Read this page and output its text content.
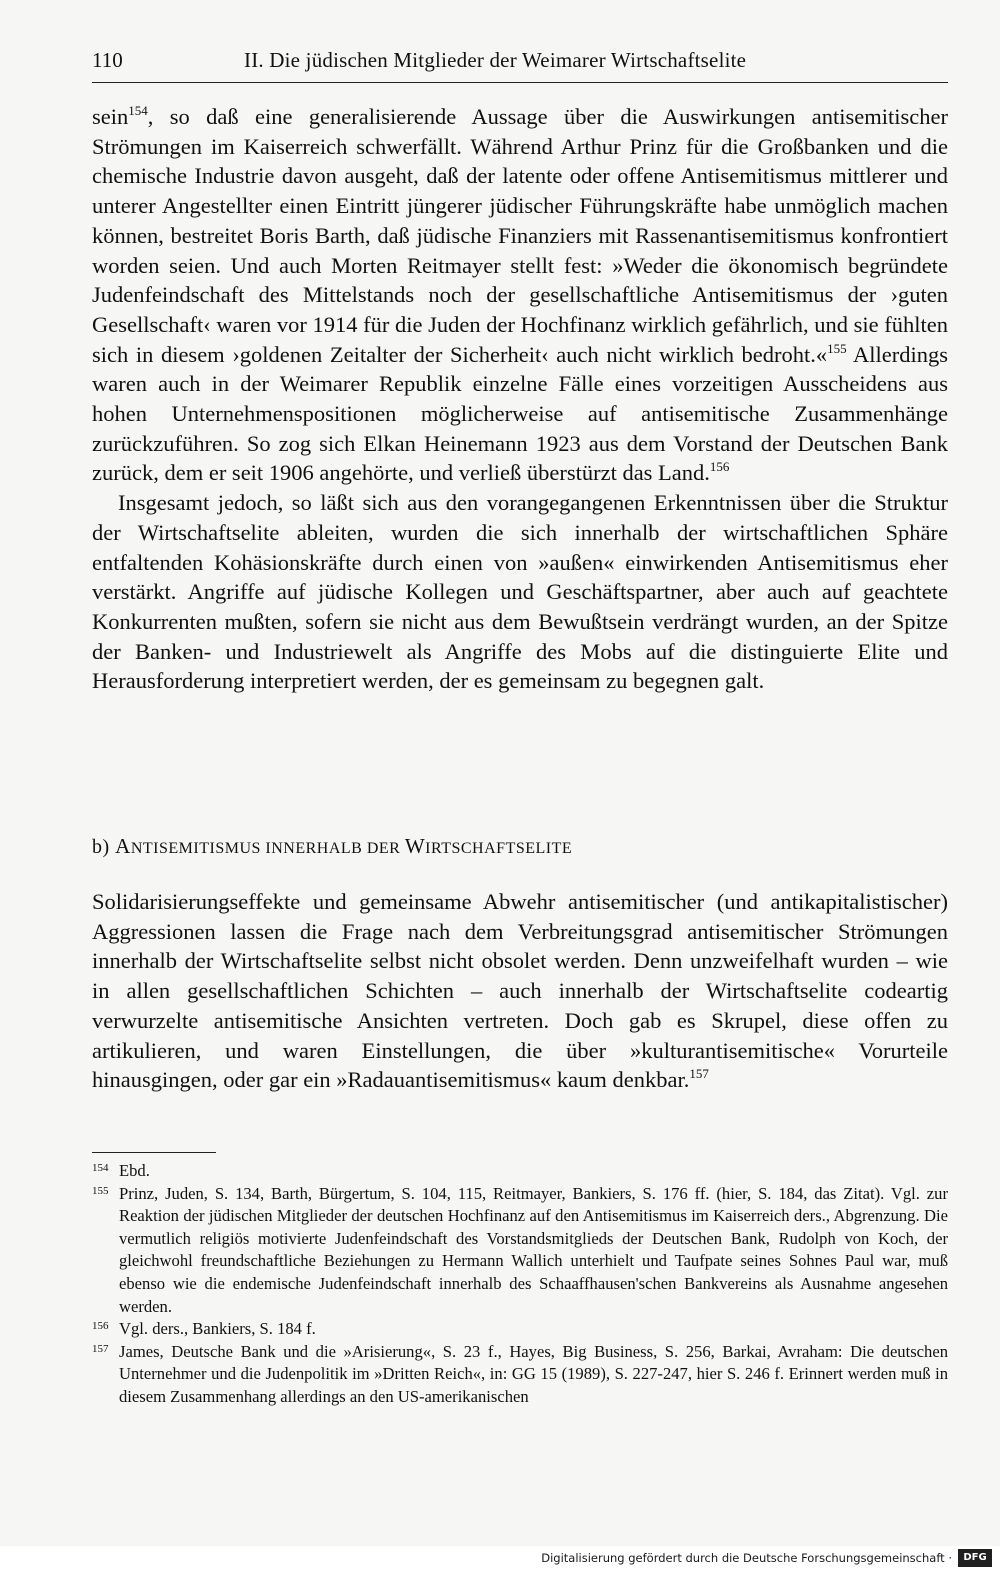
110	II. Die jüdischen Mitglieder der Weimarer Wirtschaftselite

sein$^{154}$, so daß eine generalisierende Aussage über die Auswirkungen antisemitischer Strömungen im Kaiserreich schwerfällt. Während Arthur Prinz für die Großbanken und die chemische Industrie davon ausgeht, daß der latente oder offene Antisemitismus mittlerer und unterer Angestellter einen Eintritt jüngerer jüdischer Führungskräfte habe unmöglich machen können, bestreitet Boris Barth, daß jüdische Finanziers mit Rassenantisemitismus konfrontiert worden seien. Und auch Morten Reitmayer stellt fest: »Weder die ökonomisch begründete Judenfeindschaft des Mittelstands noch der gesellschaftliche Antisemitismus der ›guten Gesellschaft‹ waren vor 1914 für die Juden der Hochfinanz wirklich gefährlich, und sie fühlten sich in diesem ›goldenen Zeitalter der Sicherheit‹ auch nicht wirklich bedroht.«$^{155}$ Allerdings waren auch in der Weimarer Republik einzelne Fälle eines vorzeitigen Ausscheidens aus hohen Unternehmenspositionen möglicherweise auf antisemitische Zusammenhänge zurückzuführen. So zog sich Elkan Heinemann 1923 aus dem Vorstand der Deutschen Bank zurück, dem er seit 1906 angehörte, und verließ überstürzt das Land.$^{156}$

Insgesamt jedoch, so läßt sich aus den vorangegangenen Erkenntnissen über die Struktur der Wirtschaftselite ableiten, wurden die sich innerhalb der wirtschaftlichen Sphäre entfaltenden Kohäsionskräfte durch einen von »außen« einwirkenden Antisemitismus eher verstärkt. Angriffe auf jüdische Kollegen und Geschäftspartner, aber auch auf geachtete Konkurrenten mußten, sofern sie nicht aus dem Bewußtsein verdrängt wurden, an der Spitze der Banken- und Industriewelt als Angriffe des Mobs auf die distinguierte Elite und Herausforderung interpretiert werden, der es gemeinsam zu begegnen galt.

b) ANTISEMITISMUS INNERHALB DER WIRTSCHAFTSELITE

Solidarisierungseffekte und gemeinsame Abwehr antisemitischer (und antikapitalistischer) Aggressionen lassen die Frage nach dem Verbreitungsgrad antisemitischer Strömungen innerhalb der Wirtschaftselite selbst nicht obsolet werden. Denn unzweifelhaft wurden – wie in allen gesellschaftlichen Schichten – auch innerhalb der Wirtschaftselite codeartig verwurzelte antisemitische Ansichten vertreten. Doch gab es Skrupel, diese offen zu artikulieren, und waren Einstellungen, die über »kulturantisemitische« Vorurteile hinausgingen, oder gar ein »Radauantisemitismus« kaum denkbar.$^{157}$

154 Ebd.
155 Prinz, Juden, S. 134, Barth, Bürgertum, S. 104, 115, Reitmayer, Bankiers, S. 176 ff. (hier, S. 184, das Zitat). Vgl. zur Reaktion der jüdischen Mitglieder der deutschen Hochfinanz auf den Antisemitismus im Kaiserreich ders., Abgrenzung. Die vermutlich religiös motivierte Judenfeindschaft des Vorstandsmitglieds der Deutschen Bank, Rudolph von Koch, der gleichwohl freundschaftliche Beziehungen zu Hermann Wallich unterhielt und Taufpate seines Sohnes Paul war, muß ebenso wie die endemische Judenfeindschaft innerhalb des Schaaffhausen'schen Bankvereins als Ausnahme angesehen werden.
156 Vgl. ders., Bankiers, S. 184 f.
157 James, Deutsche Bank und die »Arisierung«, S. 23 f., Hayes, Big Business, S. 256, Barkai, Avraham: Die deutschen Unternehmer und die Judenpolitik im »Dritten Reich«, in: GG 15 (1989), S. 227-247, hier S. 246 f. Erinnert werden muß in diesem Zusammenhang allerdings an den US-amerikanischen
Digitalisierung gefördert durch die Deutsche Forschungsgemeinschaft ·	DFG
